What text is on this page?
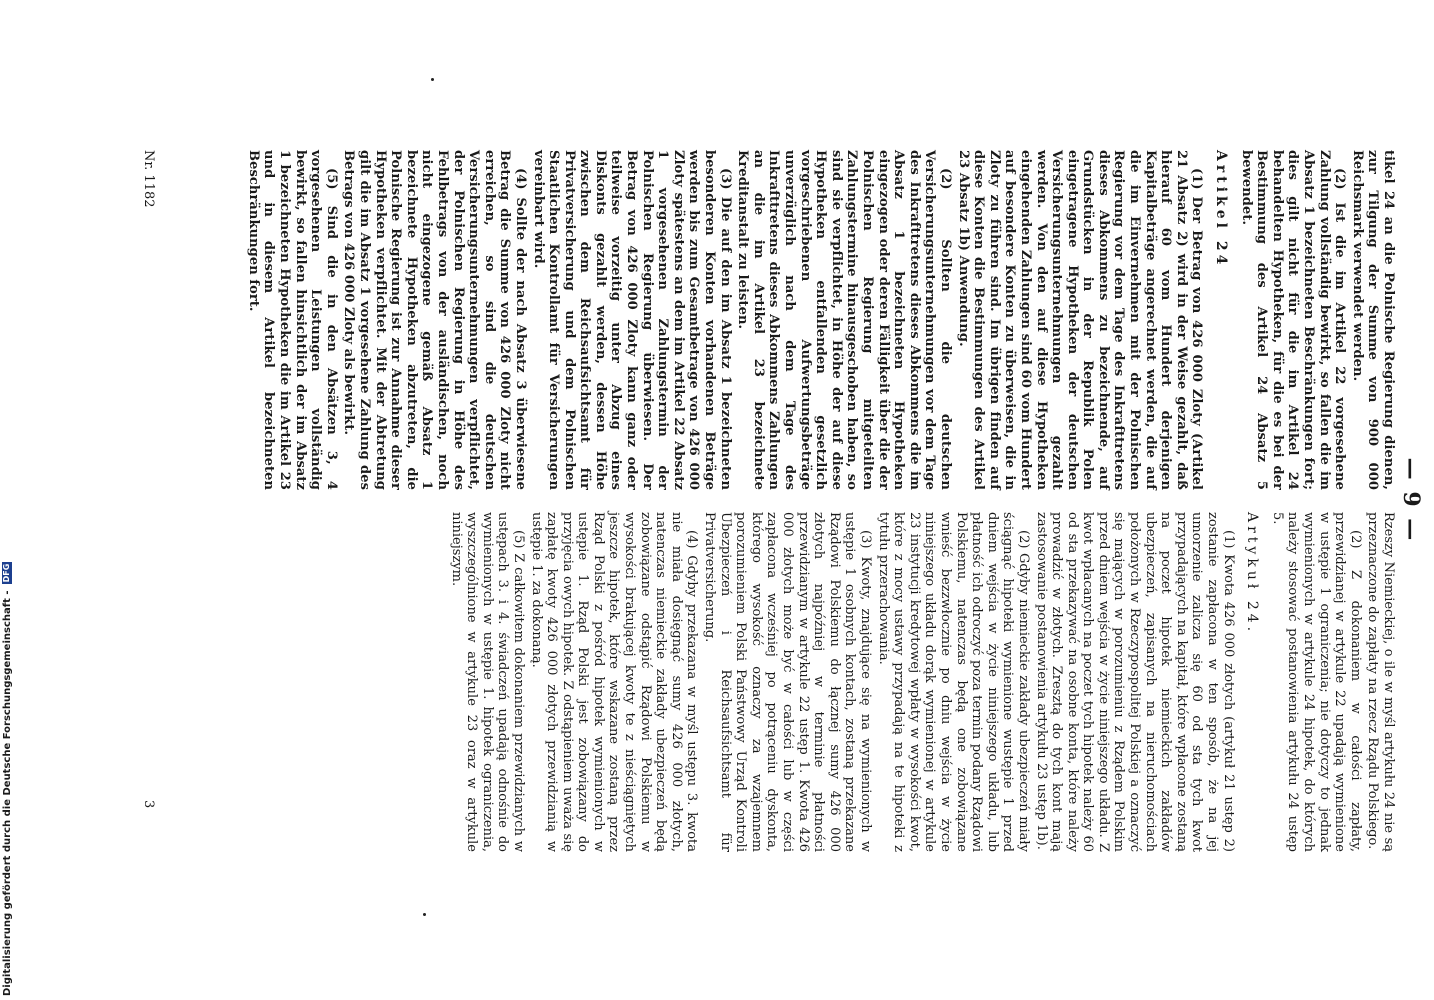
— 9 —

tikel 24 an die Polnische Regierung dienen, zur Tilgung der Summe von 900 000 Reichsmark verwendet werden.

(2) Ist die im Artikel 22 vorgesehene Zahlung vollständig bewirkt, so fallen die im Absatz 1 bezeichneten Beschränkungen fort; dies gilt nicht für die im Artikel 24 behandelten Hypotheken, für die es bei der Bestimmung des Artikel 24 Absatz 5 bewendet.

Artikel 24

(1) Der Betrag von 426 000 Zloty (Artikel 21 Absatz 2) wird in der Weise gezahlt, daß hierauf 60 vom Hundert derjenigen Kapitalbeträge angerechnet werden, die auf die im Einvernehmen mit der Polnischen Regierung vor dem Tage des Inkrafttretens dieses Abkommens zu bezeichnende, auf Grundstücken in der Republik Polen eingetragene Hypotheken der deutschen Versicherungsunternehmungen gezahlt werden. Von den auf diese Hypotheken eingehenden Zahlungen sind 60 vom Hundert auf besondere Konten zu überweisen, die in Zloty zu führen sind. Im übrigen finden auf diese Konten die Bestimmungen des Artikel 23 Absatz 1b) Anwendung.

(2) Sollten die deutschen Versicherungsunternehmungen vor dem Tage des Inkrafttretens dieses Abkommens die im Absatz 1 bezeichneten Hypotheken eingezogen oder deren Fälligkeit über die der Polnischen Regierung mitgeteilten Zahlungstermine hinausgeschoben haben, so sind sie verpflichtet, in Höhe der auf diese Hypotheken entfallenden gesetzlich vorgeschriebenen Aufwertungsbeträge unverzüglich nach dem Tage des Inkrafttretens dieses Abkommens Zahlungen an die im Artikel 23 bezeichnete Kreditanstalt zu leisten.

(3) Die auf den im Absatz 1 bezeichneten besonderen Konten vorhandenen Beträge werden bis zum Gesamtbetrage von 426 000 Zloty spätestens an dem im Artikel 22 Absatz 1 vorgesehenen Zahlungstermin der Polnischen Regierung überwiesen. Der Betrag von 426 000 Zloty kann ganz oder teilweise vorzeitig unter Abzug eines Diskonts gezahlt werden, dessen Höhe zwischen dem Reichsaufsichtsamt für Privatversicherung und dem Polnischen Staatlichen Kontrollamt für Versicherungen vereinbart wird.

(4) Sollte der nach Absatz 3 überwiesene Betrag die Summe von 426 000 Zloty nicht erreichen, so sind die deutschen Versicherungsunternehmungen verpflichtet, der Polnischen Regierung in Höhe des Fehlbetrags von der ausländischen, noch nicht eingezogene gemäß Absatz 1 bezeichnete Hypotheken abzutreten, die Polnische Regierung ist zur Annahme dieser Hypotheken verpflichtet. Mit der Abtretung gilt die im Absatz 1 vorgesehene Zahlung des Betrags von 426 000 Zloty als bewirkt.

(5) Sind die in den Absätzen 3, 4 vorgesehenen Leistungen vollständig bewirkt, so fallen hinsichtlich der im Absatz 1 bezeichneten Hypotheken die im Artikel 23 und in diesem Artikel bezeichneten Beschränkungen fort.

Rzeszy Niemieckiej, o ile w myśl artykułu 24 nie są przeznaczone do zapłaty na rzecz Rządu Polskiego.

(2) Z dokonaniem w całości zapłaty, przewidzianej w artykule 22 upadają wymienione w ustępie 1 ograniczenia; nie dotyczy to jednak wymienionych w artykule 24 hipotek, do których należy stosować postanowienia artykułu 24 ustęp 5.

Artykuł 24.

(1) Kwota 426 000 złotych (artykuł 21 ustęp 2) zostanie zapłacona w ten sposób, że na jej umorzenie zalicza się 60 od sta tych kwot przypadających na kapitał, które wpłacone zostaną na poczet hipotek niemieckich zakładów ubezpieczeń, zapisanych na nieruchomościach położonych w Rzeczypospolitej Polskiej a oznaczyć się mających w porozumieniu z Rządem Polskim przed dniem wejścia w życie niniejszego układu. Z kwot wpłacanych na poczet tych hipotek należy 60 od sta przekazywać na osobne konta, które należy prowadzić w złotych. Zresztą do tych kont mają zastosowanie postanowienia artykułu 23 ustęp 1b).

(2) Gdyby niemieckie zakłady ubezpieczeń miały ściągnąć hipoteki wymienione wustępie 1 przed dniem wejścia w życie niniejszego układu, lub płatność ich odroczyć poza termin podany Rządowi Polskiemu, natenczas będą one zobowiązane wnieść bezzwłocznie po dniu wejścia w życie niniejszego układu dorąk wymienionej w artykule 23 instytucji kredytowej wpłaty w wysokości kwot, które z mocy ustawy przypadają na te hipoteki z tytułu przerachowania.

(3) Kwoty, znajdujące się na wymienionych w ustępie 1 osobnych kontach, zostaną przekazane Rządowi Polskiemu do łącznej sumy 426 000 złotych najpóźniej w terminie płatności przewidzianym w artykule 22 ustęp 1. Kwota 426 000 złotych może być w całości lub w części zapłacona wcześniej po potrąceniu dyskonta, którego wysokość oznaczy za wzajemnem porozumieniem Polski Państwowy Urząd Kontroli Ubezpieczeń i Reichsaufsichtsamt für Privatversicherung.

(4) Gdyby przekazana w myśl ustępu 3. kwota nie miała dosięgnąć sumy 426 000 złotych, natenczas niemieckie zakłady ubezpieczeń będą zobowiązane odstąpić Rządowi Polskiemu w wysokości brakującej kwoty te z nieściągniętych jeszcze hipotek, które wskazane zostaną przez Rząd Polski z pośród hipotek wymienionych w ustępie 1. Rząd Polski jest zobowiązany do przyjęcia owych hipotek. Z odstąpieniem uważa się zapłatę kwoty 426 000 złotych przewidzianią w ustępie 1. za dokonaną.

(5) Z całkowitem dokonaniem przewidzianych w ustępach 3. i 4. świadczeń upadają odnośnie do wymienionych w ustępie 1. hipotek ograniczenia, wyszczególnione w artykule 23 oraz w artykule niniejszym.

Nr. 1182
3
Digitalisierung gefördert durch die Deutsche Forschungsgemeinschaft - DFG
